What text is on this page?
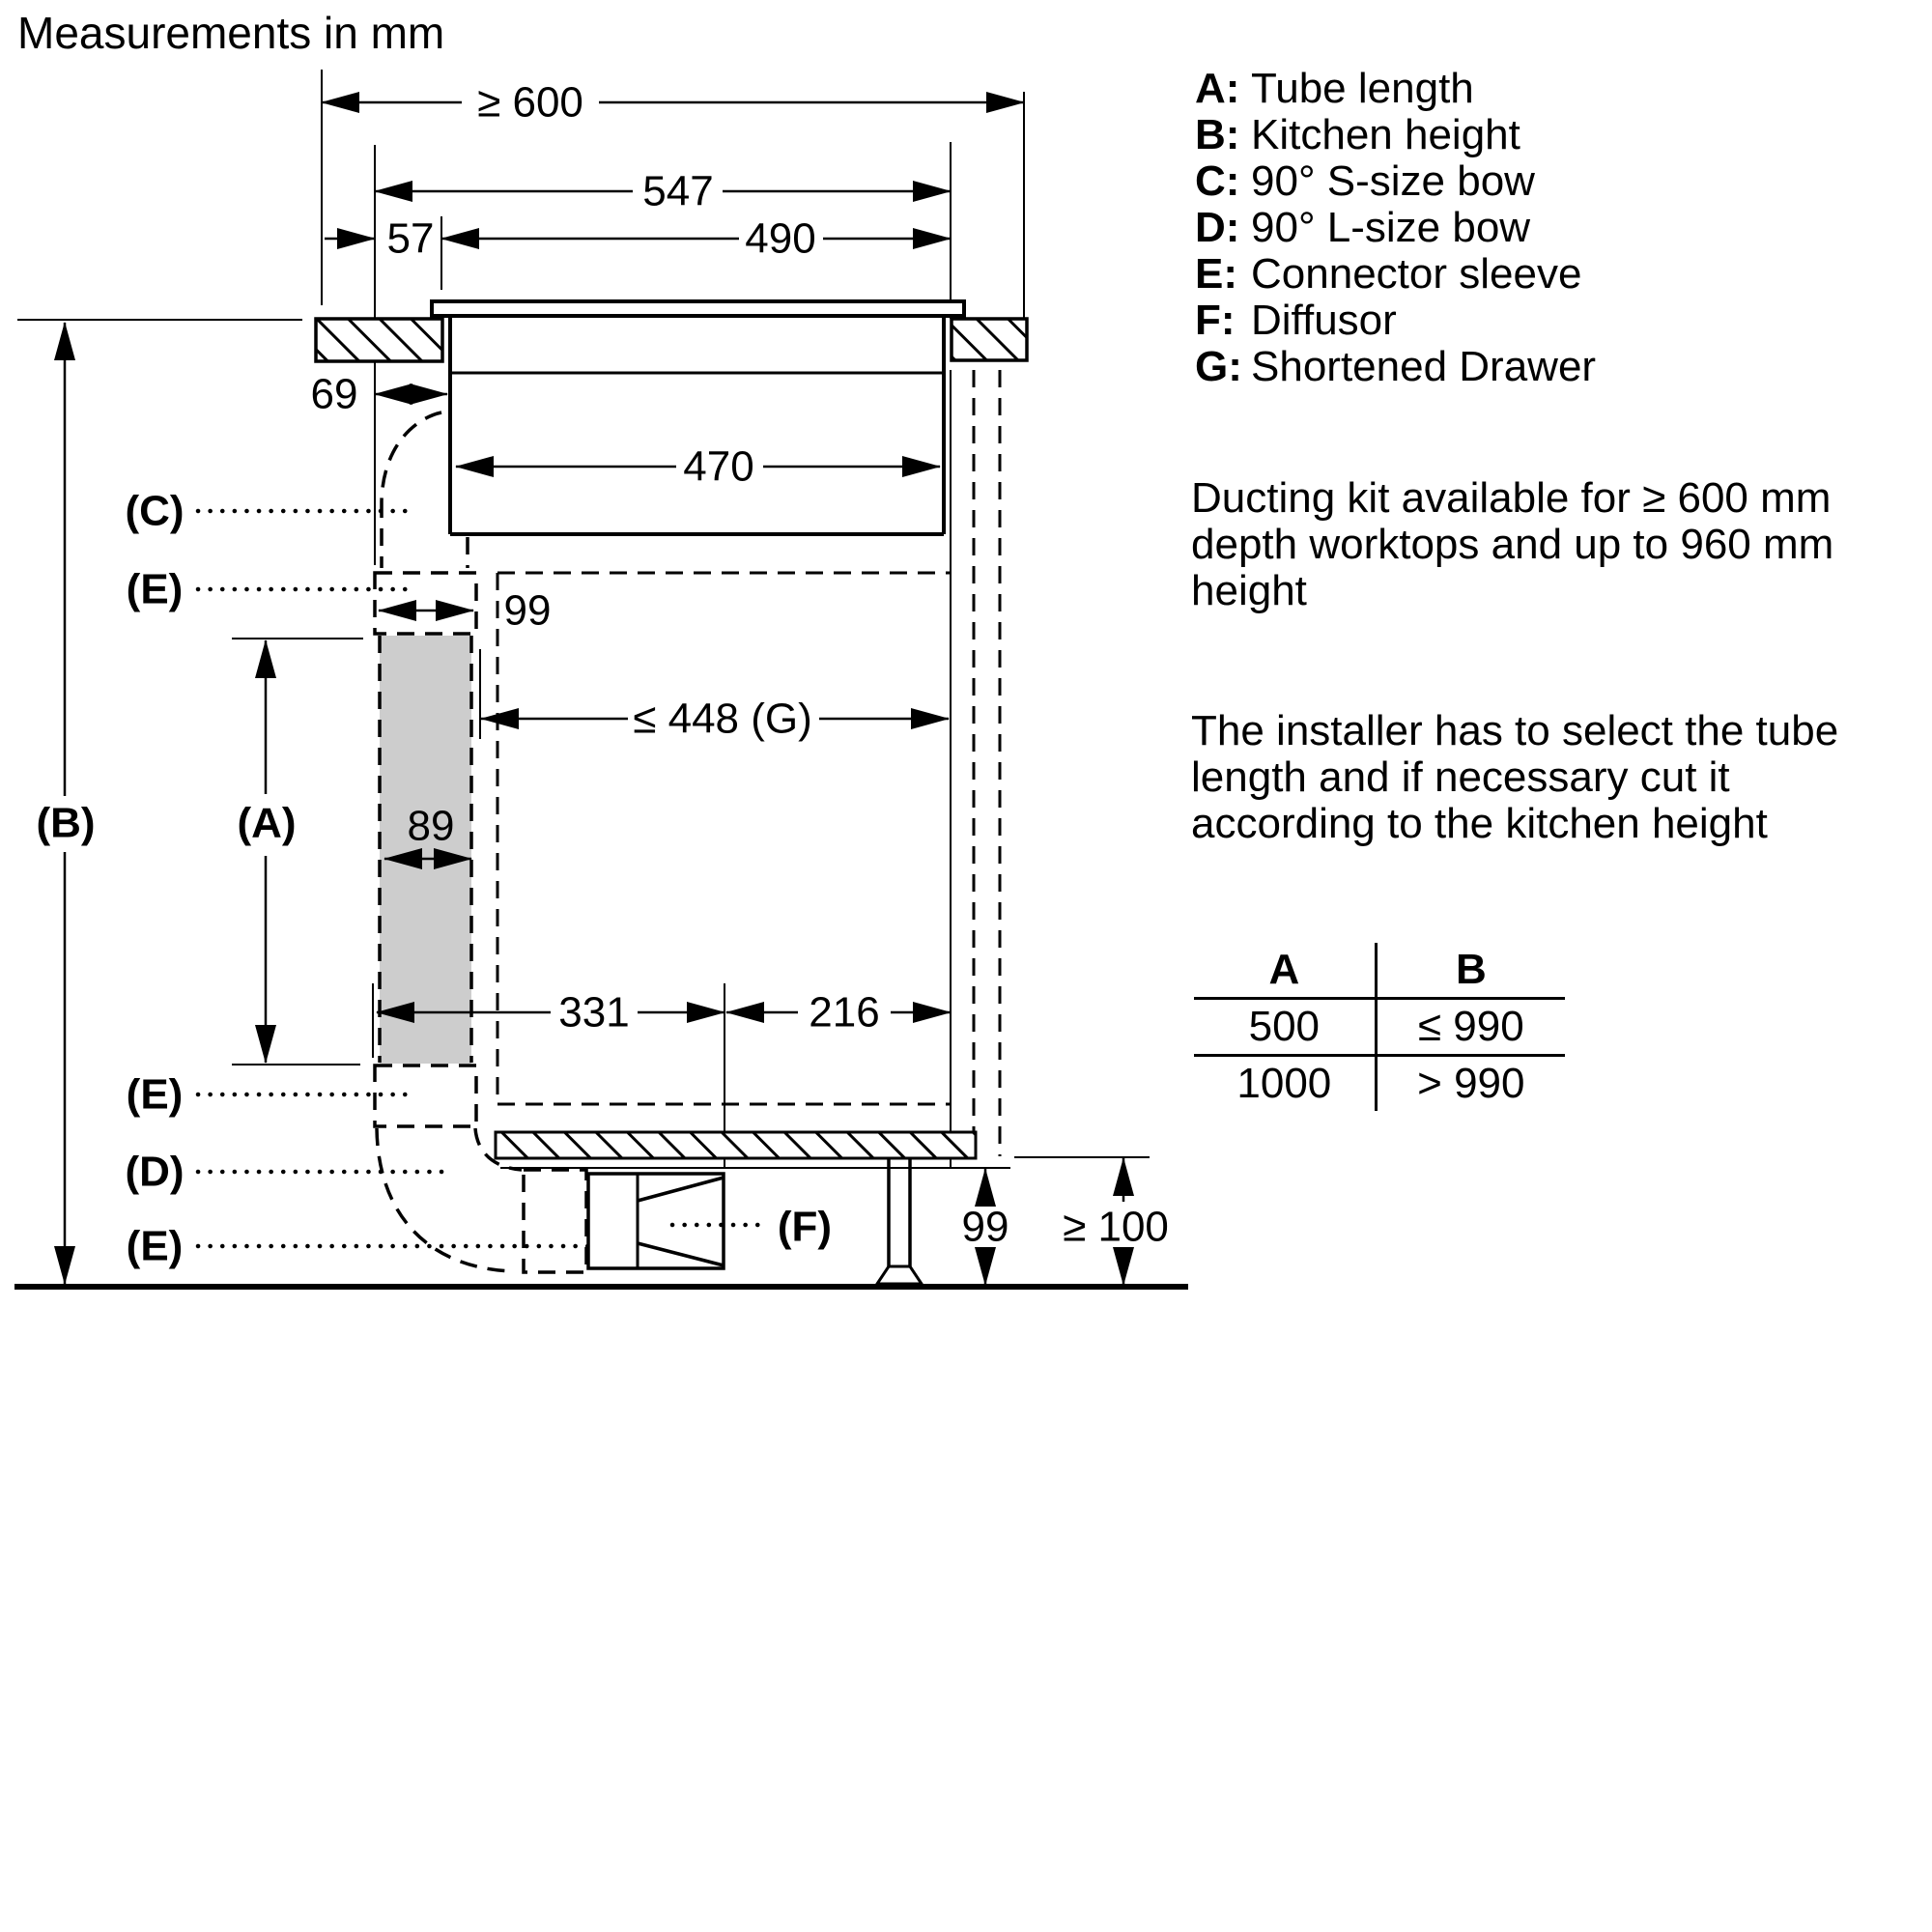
Measurements in mm
≥ 600
547
57	490
69
470
99
≤ 448 (G)
89
331	216
99 ≥ 100
(B)	(A)
(C)
(E)
(E)
(D)
(E)	(F)
A: Tube length
B: Kitchen height
C: 90° S-size bow
D: 90° L-size bow
E: Connector sleeve
F: Diffusor
G: Shortened Drawer
Ducting kit available for ≥ 600 mm
depth worktops and up to 960 mm
height
The installer has to select the tube
length and if necessary cut it
according to the kitchen height
A	B
500	≤ 990
1000	> 990
